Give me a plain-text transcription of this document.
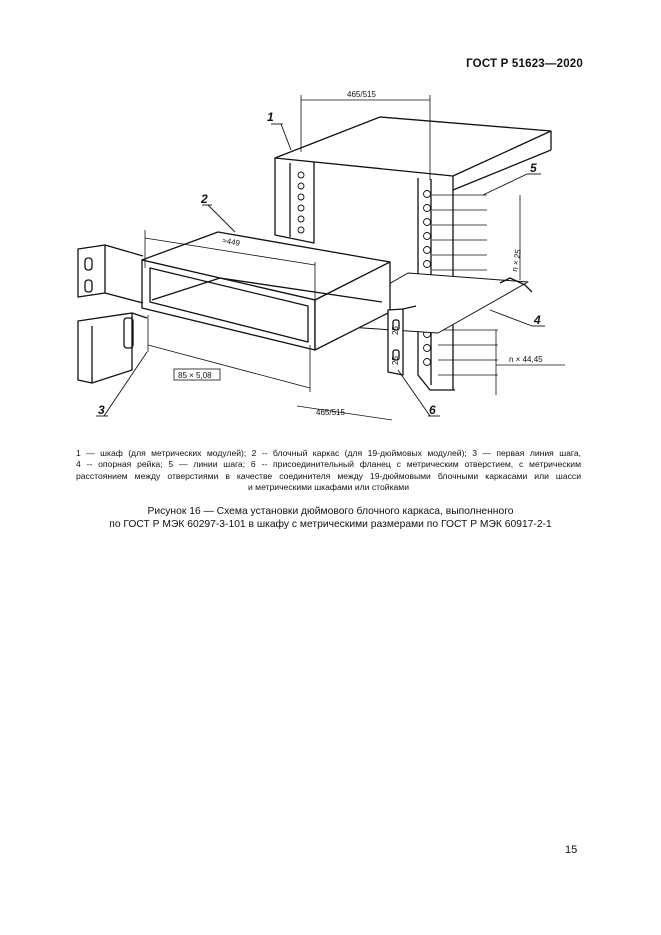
ГОСТ Р 51623—2020
1
2
3
4
5
6
465/515
465/515
≈449
n × 25
n × 44,45
25
25
85 × 5,08

1 — шкаф (для метрических модулей); 2 -- блочный каркас (для 19-дюймовых модулей); 3 — первая линия шага,

4 -- опорная рейка; 5 — линии шага; 6 -- присоединительный фланец с метрическим отверстием, с метрическим

расстоянием между отверстиями в качестве соединителя между 19-дюймовыми блочными каркасами или шасси

и метрическими шкафами или стойками

Рисунок 16 — Схема установки дюймового блочного каркаса, выполненного

по ГОСТ Р МЭК 60297-3-101 в шкафу с метрическими размерами по ГОСТ Р МЭК 60917-2-1

15
